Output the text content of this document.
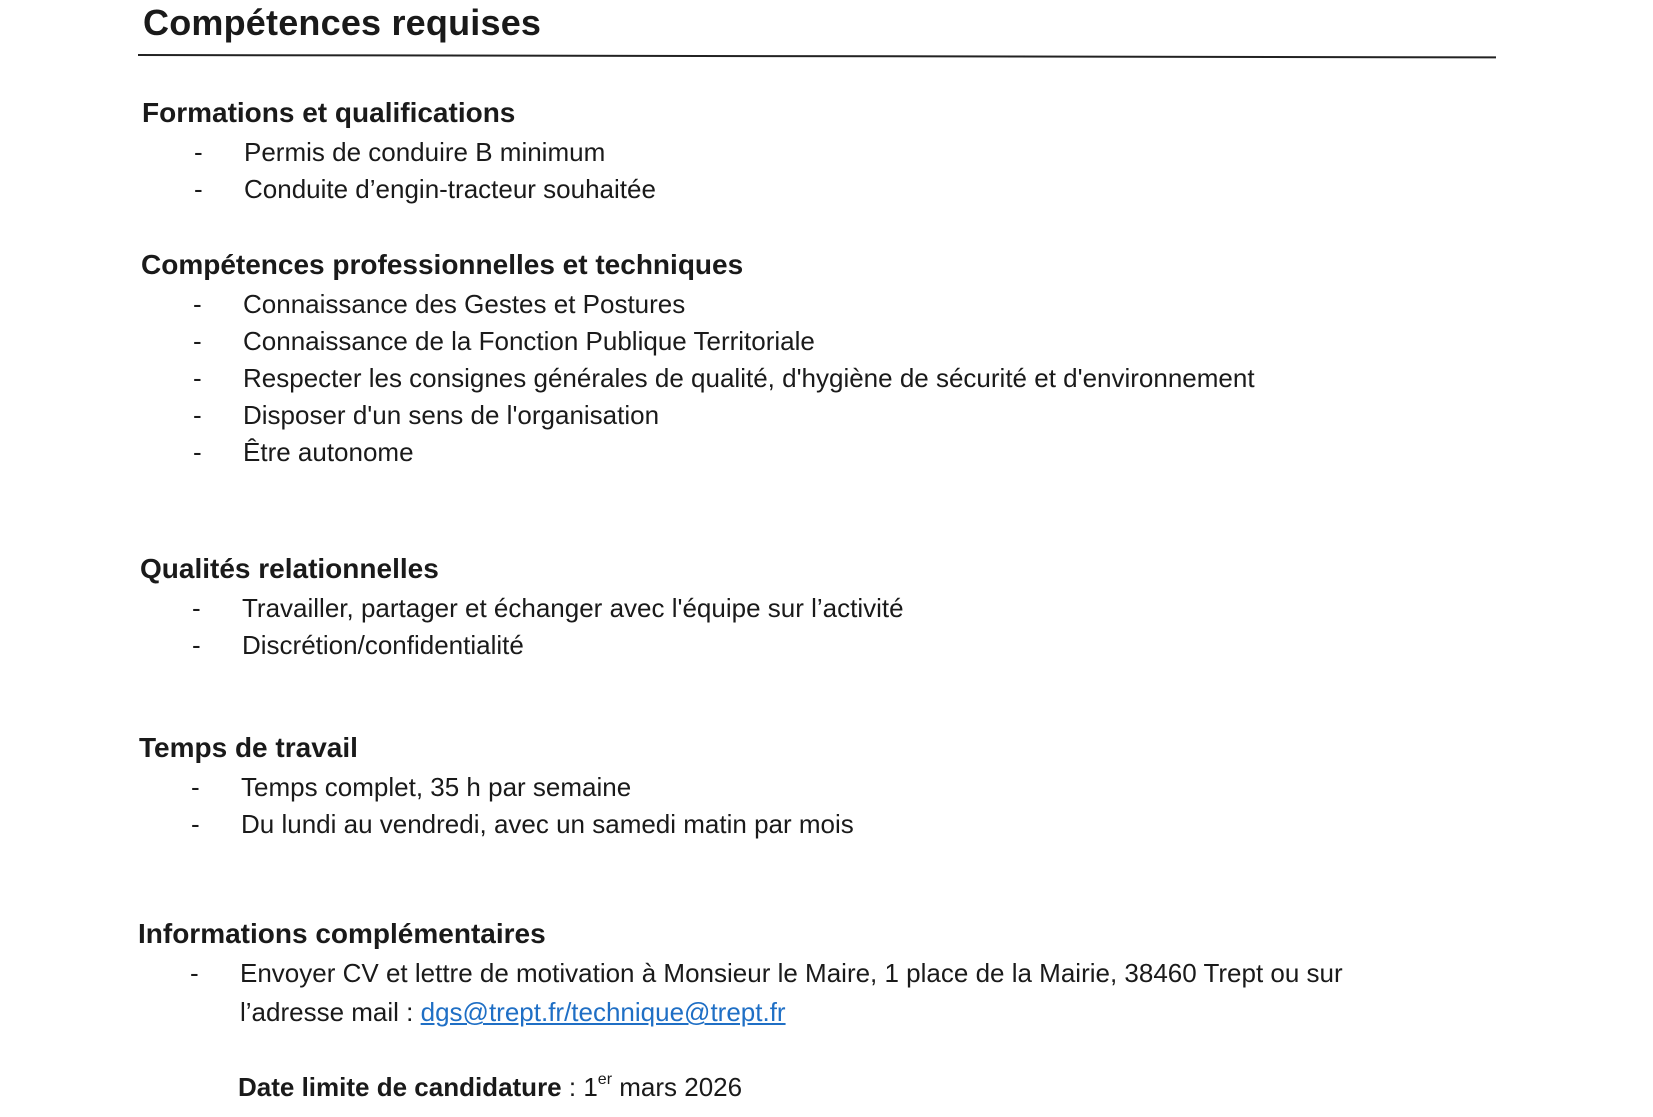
Compétences requises
Formations et qualifications
- Permis de conduire B minimum
- Conduite d’engin-tracteur souhaitée
Compétences professionnelles et techniques
- Connaissance des Gestes et Postures
- Connaissance de la Fonction Publique Territoriale
- Respecter les consignes générales de qualité, d'hygiène de sécurité et d'environnement
- Disposer d'un sens de l'organisation
- Être autonome
Qualités relationnelles
- Travailler, partager et échanger avec l'équipe sur l’activité
- Discrétion/confidentialité
Temps de travail
- Temps complet, 35 h par semaine
- Du lundi au vendredi, avec un samedi matin par mois
Informations complémentaires
- Envoyer CV et lettre de motivation à Monsieur le Maire, 1 place de la Mairie, 38460 Trept ou sur
l’adresse mail : dgs@trept.fr/technique@trept.fr
Date limite de candidature : 1er mars 2026
